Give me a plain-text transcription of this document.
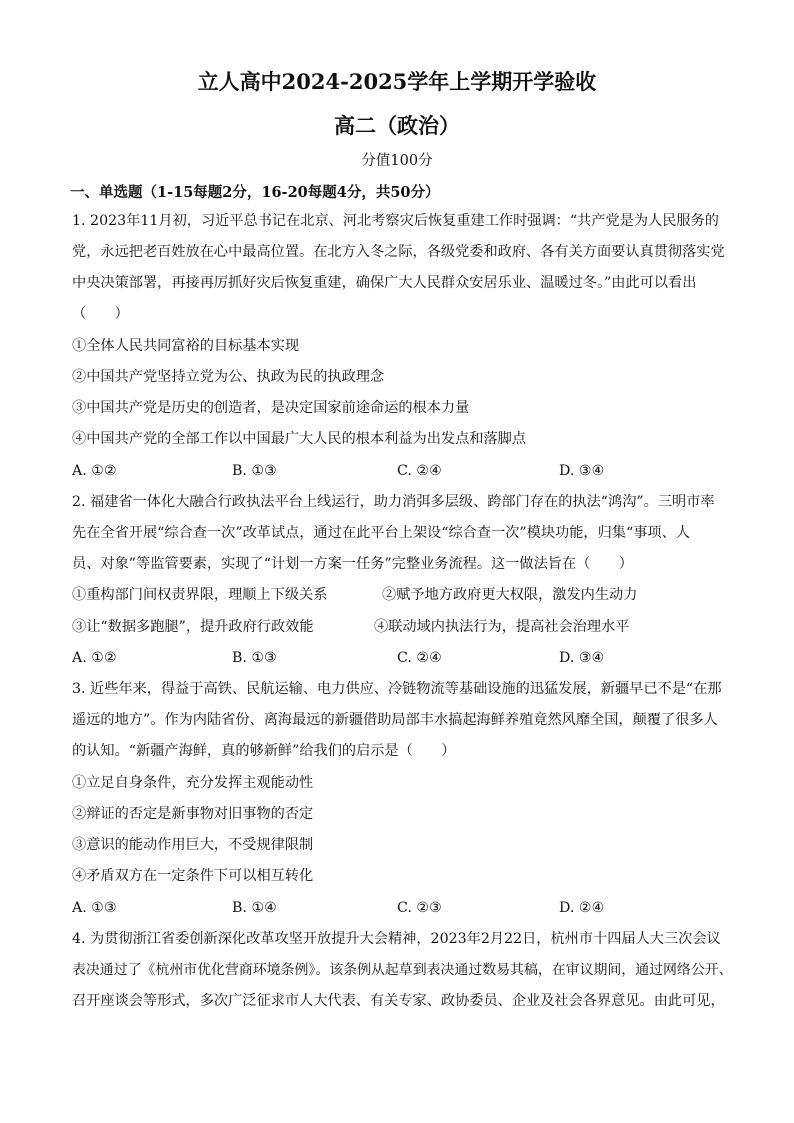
立人高中2024-2025学年上学期开学验收
高二（政治）
分值100分
一、单选题（1-15每题2分，16-20每题4分，共50分）
1. 2023年11月初，习近平总书记在北京、河北考察灾后恢复重建工作时强调：“共产党是为人民服务的
党，永远把老百姓放在心中最高位置。在北方入冬之际，各级党委和政府、各有关方面要认真贯彻落实党
中央决策部署，再接再厉抓好灾后恢复重建，确保广大人民群众安居乐业、温暖过冬。”由此可以看出
（　　）
①全体人民共同富裕的目标基本实现
②中国共产党坚持立党为公、执政为民的执政理念
③中国共产党是历史的创造者，是决定国家前途命运的根本力量
④中国共产党的全部工作以中国最广大人民的根本利益为出发点和落脚点
A. ①②	B. ①③	C. ②④	D. ③④
2. 福建省一体化大融合行政执法平台上线运行，助力消弭多层级、跨部门存在的执法“鸿沟”。三明市率
先在全省开展“综合查一次”改革试点，通过在此平台上架设“综合查一次”模块功能，归集“事项、人
员、对象”等监管要素，实现了“计划一方案一任务”完整业务流程。这一做法旨在（　　）
①重构部门间权责界限，理顺上下级关系	②赋予地方政府更大权限，激发内生动力
③让“数据多跑腿”，提升政府行政效能	④联动域内执法行为，提高社会治理水平
A. ①②	B. ①③	C. ②④	D. ③④
3. 近些年来，得益于高铁、民航运输、电力供应、冷链物流等基础设施的迅猛发展，新疆早已不是“在那
遥远的地方”。作为内陆省份、离海最远的新疆借助局部丰水搞起海鲜养殖竟然风靡全国，颠覆了很多人
的认知。“新疆产海鲜，真的够新鲜”给我们的启示是（　　）
①立足自身条件，充分发挥主观能动性
②辩证的否定是新事物对旧事物的否定
③意识的能动作用巨大，不受规律限制
④矛盾双方在一定条件下可以相互转化
A. ①③	B. ①④	C. ②③	D. ②④
4. 为贯彻浙江省委创新深化改革攻坚开放提升大会精神，2023年2月22日，杭州市十四届人大三次会议
表决通过了《杭州市优化营商环境条例》。该条例从起草到表决通过数易其稿，在审议期间，通过网络公开、
召开座谈会等形式，多次广泛征求市人大代表、有关专家、政协委员、企业及社会各界意见。由此可见，
